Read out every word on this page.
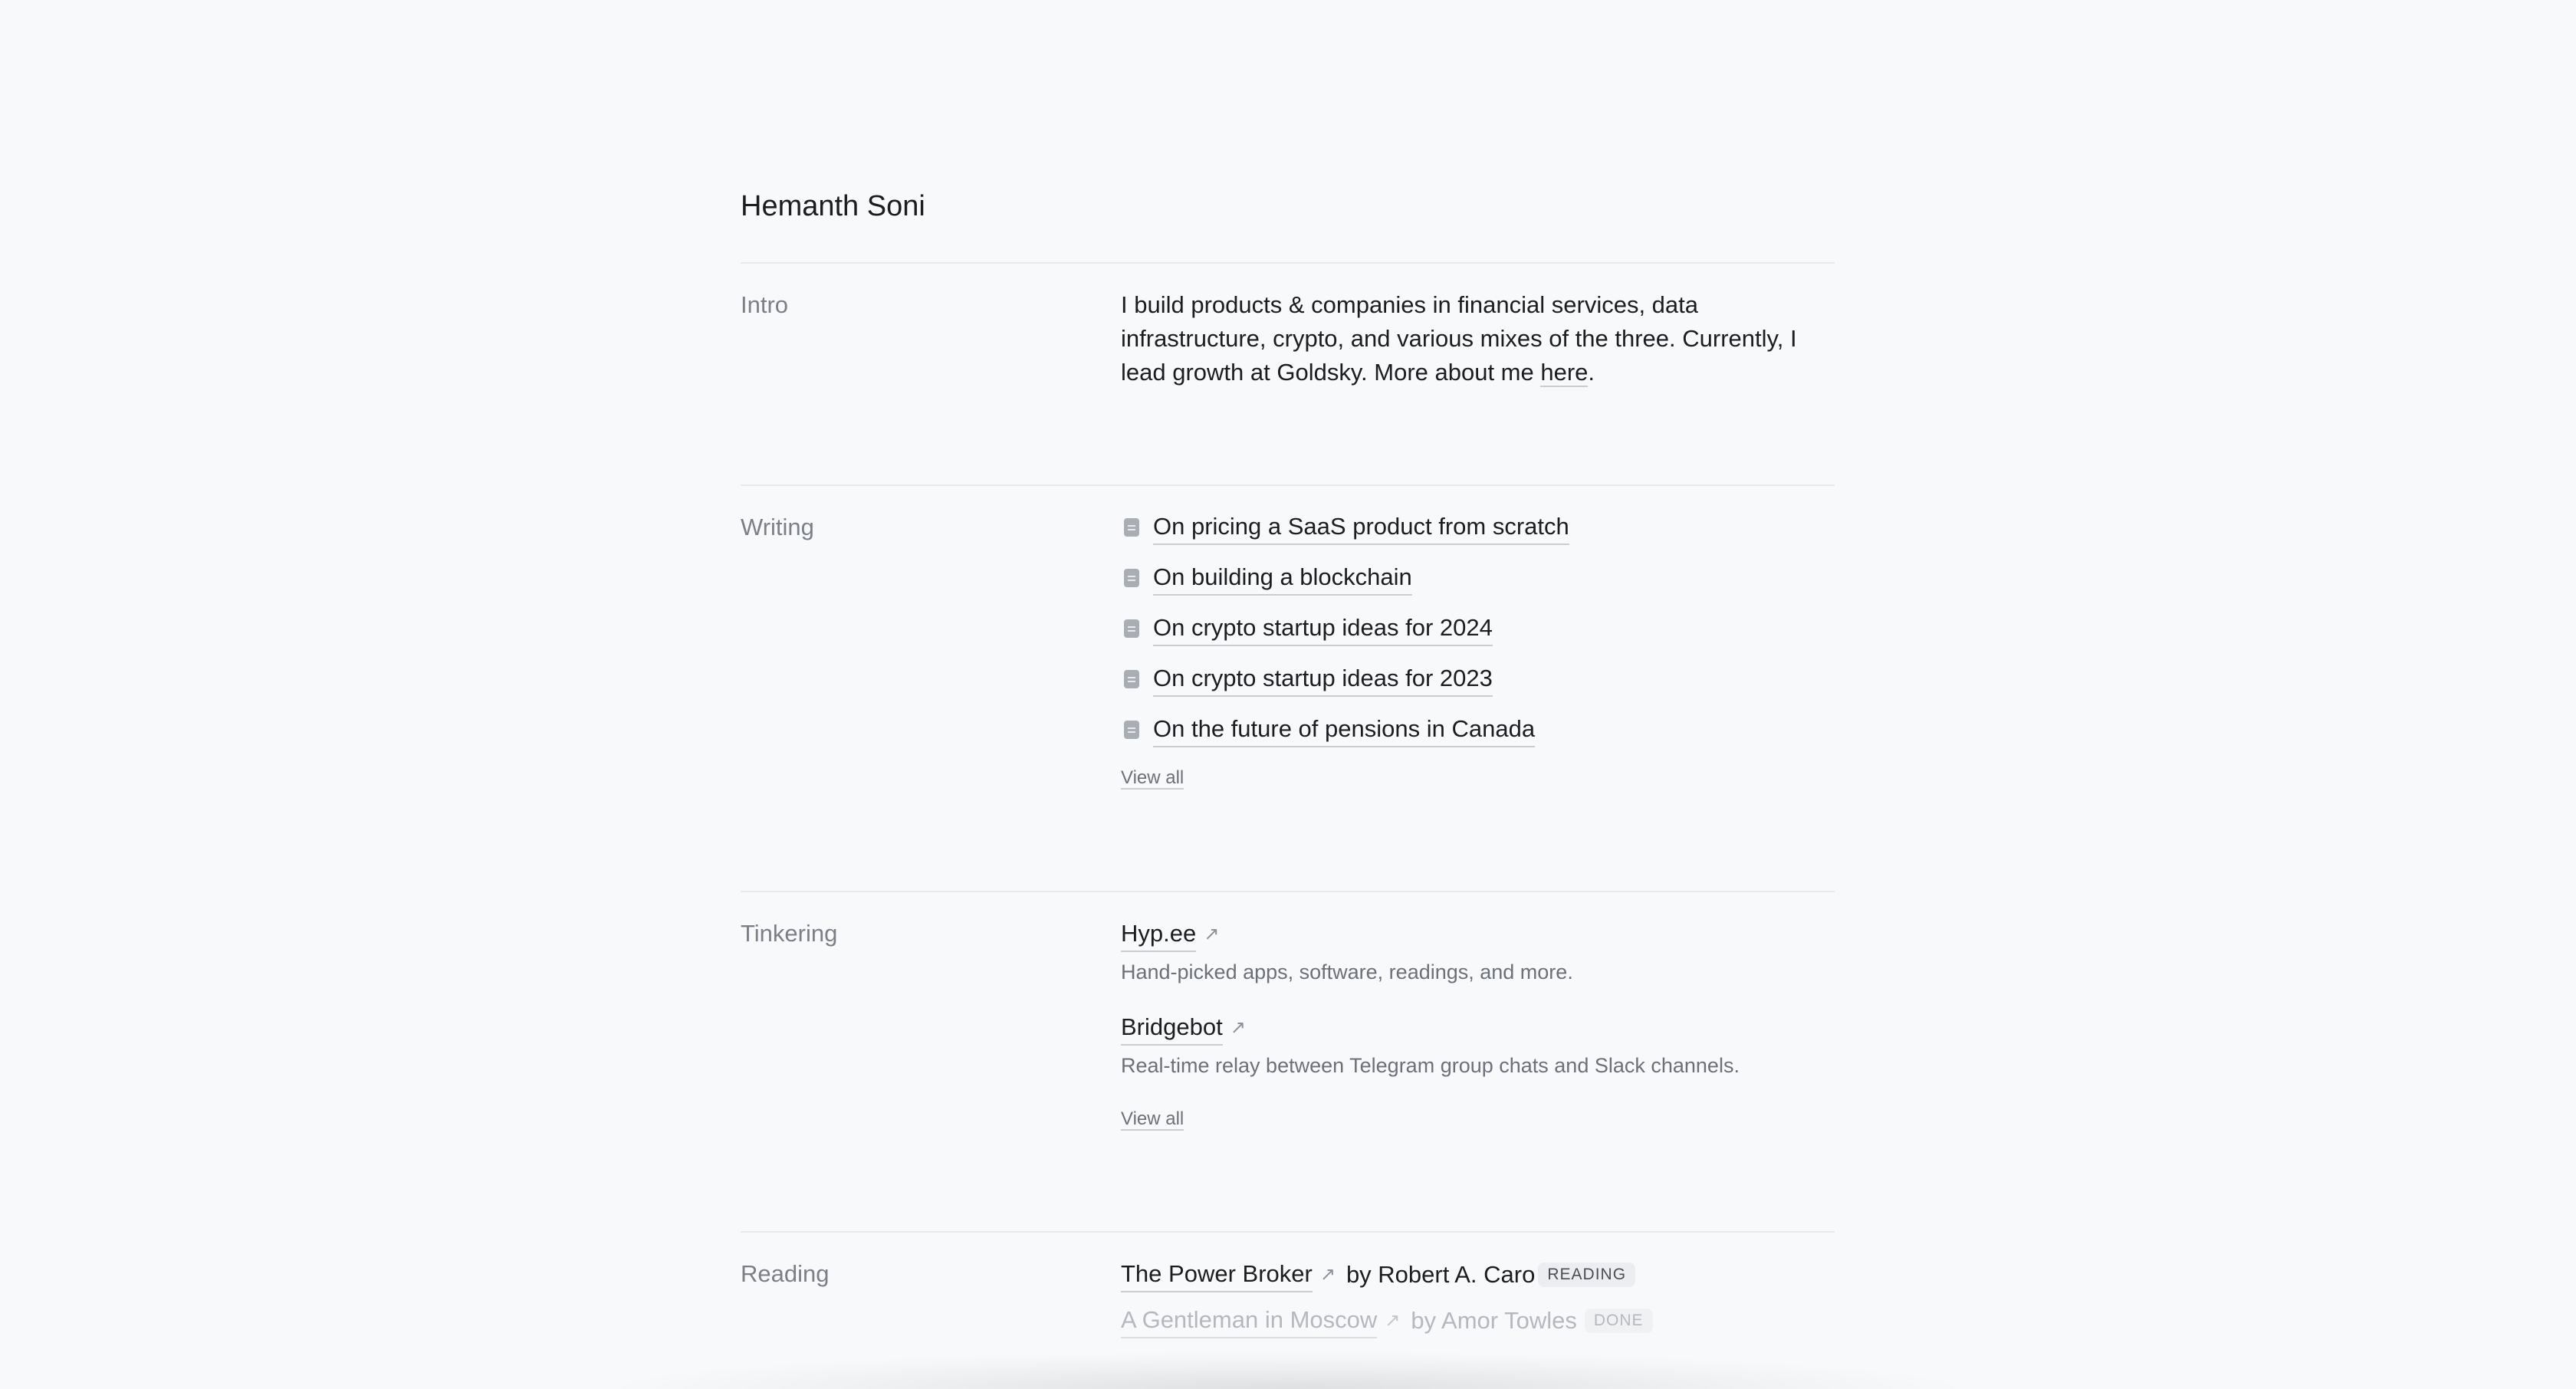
Hemanth Soni
Intro	I build products & companies in financial services, data infrastructure, crypto, and various mixes of the three. Currently, I lead growth at Goldsky. More about me here.

Writing	On pricing a SaaS product from scratch
On building a blockchain
On crypto startup ideas for 2024
On crypto startup ideas for 2023
On the future of pensions in Canada
View all
Tinkering	Hyp.ee ↗
Hand-picked apps, software, readings, and more.
Bridgebot ↗
Real-time relay between Telegram group chats and Slack channels.
View all
Reading	The Power Broker ↗ by Robert A. Caro READING
A Gentleman in Moscow ↗ by Amor Towles	DONE
